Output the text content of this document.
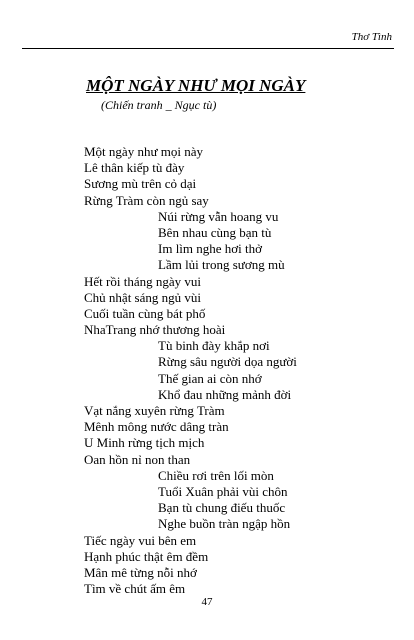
Thơ Tình
MỘT NGÀY NHƯ MỌI NGÀY
(Chiến tranh _ Ngục tù)
Một ngày như mọi này
Lê thân kiếp tù đày
Sương mù trên cỏ dại
Rừng Tràm còn ngủ say
Núi rừng vẫn hoang vu
Bên nhau cùng bạn tù
Im lìm nghe hơi thở
Lầm lủi trong sương mù
Hết rồi tháng ngày vui
Chủ nhật sáng ngủ vùi
Cuối tuần cùng bát phố
NhaTrang nhớ thương hoài
Tù binh đày khắp nơi
Rừng sâu người dọa người
Thế gian ai còn nhớ
Khổ đau những mảnh đời
Vạt nắng xuyên rừng Tràm
Mênh mông nước dâng tràn
U Minh rừng tịch mịch
Oan hồn nỉ non than
Chiều rơi trên lối mòn
Tuổi Xuân phải vùi chôn
Bạn tù chung điếu thuốc
Nghe buồn tràn ngập hồn
Tiếc ngày vui bên em
Hạnh phúc thật êm đềm
Mân mê từng nỗi nhớ
Tìm về chút ấm êm
47
